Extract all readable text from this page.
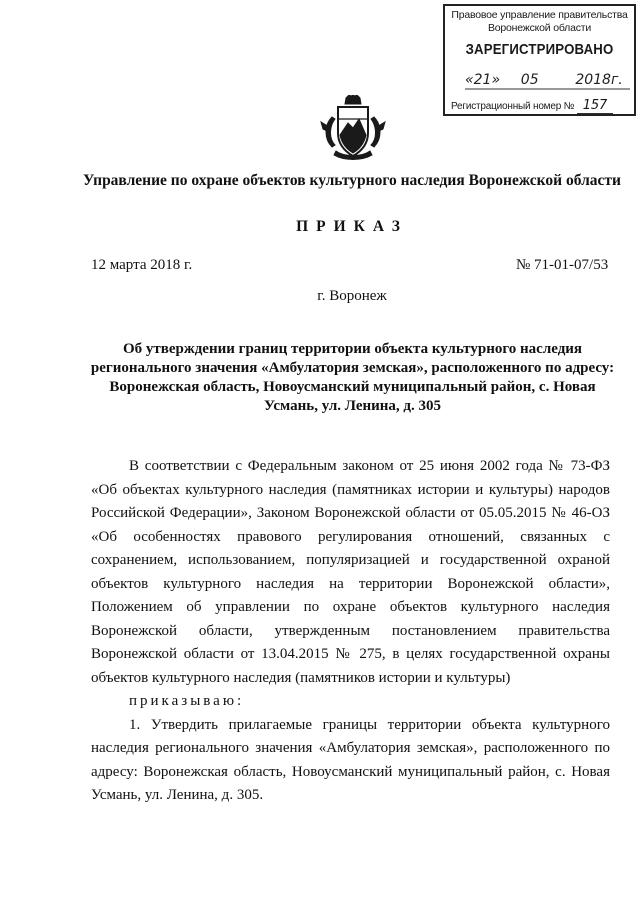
Правовое управление правительства Воронежской области
ЗАРЕГИСТРИРОВАНО
«21» 05	2018г.
Регистрационный номер № 157
Управление по охране объектов культурного наследия Воронежской области
ПРИКАЗ
12 марта 2018 г.	№ 71-01-07/53
г. Воронеж
Об утверждении границ территории объекта культурного наследия регионального значения «Амбулатория земская», расположенного по адресу: Воронежская область, Новоусманский муниципальный район, с. Новая Усмань, ул. Ленина, д. 305

В соответствии с Федеральным законом от 25 июня 2002 года № 73-ФЗ «Об объектах культурного наследия (памятниках истории и культуры) народов Российской Федерации», Законом Воронежской области от 05.05.2015 № 46-ОЗ «Об особенностях правового регулирования отношений, связанных с сохранением, использованием, популяризацией и государственной охраной объектов культурного наследия на территории Воронежской области», Положением об управлении по охране объектов культурного наследия Воронежской области, утвержденным постановлением правительства Воронежской области от 13.04.2015 № 275, в целях государственной охраны объектов культурного наследия (памятников истории и культуры)

приказываю:

1. Утвердить прилагаемые границы территории объекта культурного наследия регионального значения «Амбулатория земская», расположенного по адресу: Воронежская область, Новоусманский муниципальный район, с. Новая Усмань, ул. Ленина, д. 305.
